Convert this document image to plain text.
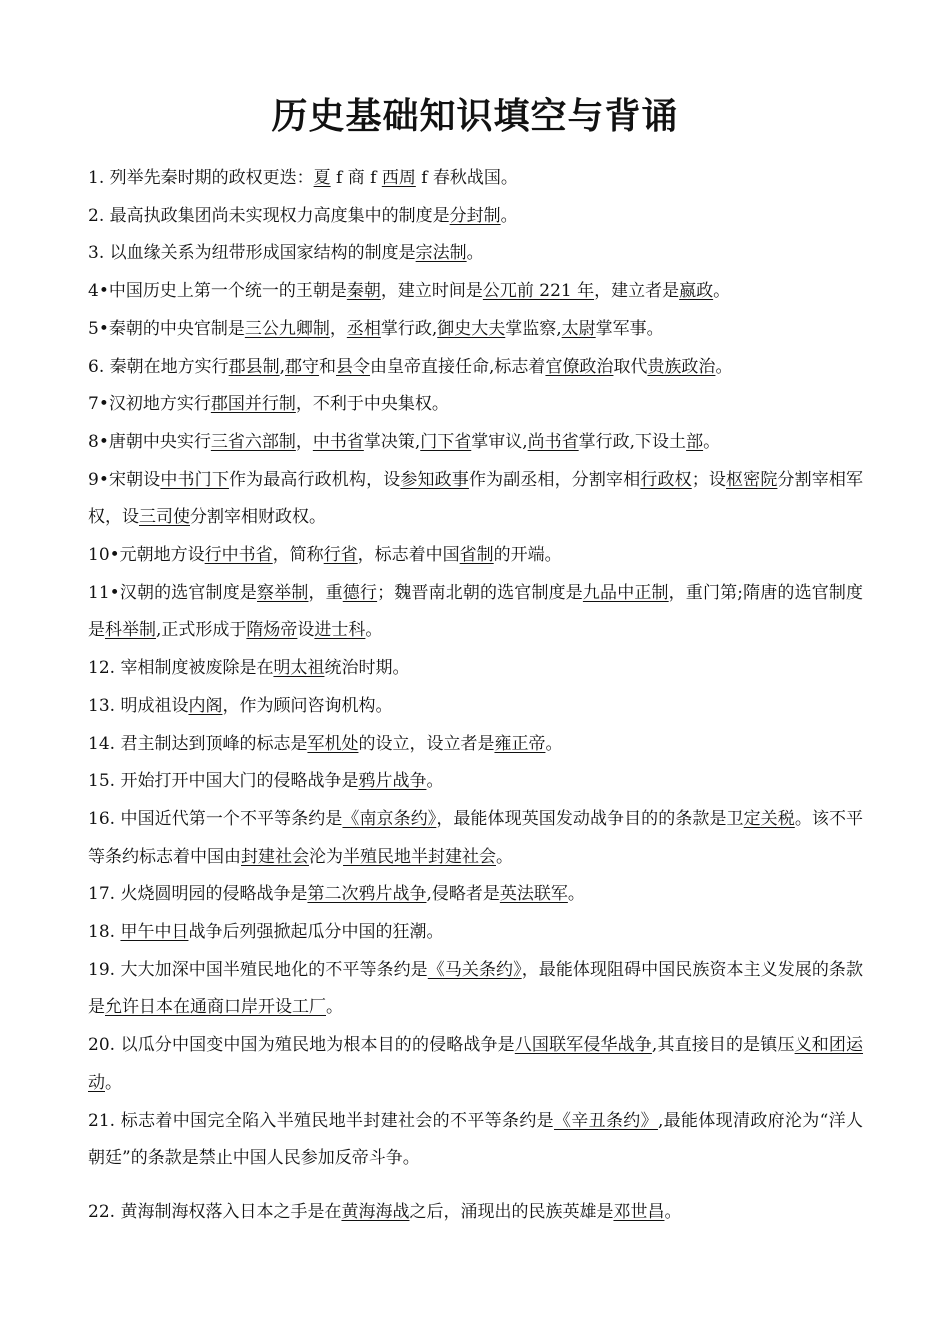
历史基础知识填空与背诵

1. 列举先秦时期的政权更迭：夏 f 商 f 西周 f 春秋战国。

2. 最高执政集团尚未实现权力高度集中的制度是分封制。

3. 以血缘关系为纽带形成国家结构的制度是宗法制。

4•中国历史上第一个统一的王朝是秦朝，建立时间是公兀前 221 年，建立者是嬴政。

5•秦朝的中央官制是三公九卿制，丞相掌行政,御史大夫掌监察,太尉掌军事。

6. 秦朝在地方实行郡县制,郡守和县令由皇帝直接任命,标志着官僚政治取代贵族政治。

7•汉初地方实行郡国并行制，不利于中央集权。

8•唐朝中央实行三省六部制，中书省掌决策,门下省掌审议,尚书省掌行政,下设土部。

9•宋朝设中书门下作为最高行政机构，设参知政事作为副丞相，分割宰相行政权；设枢密院分割宰相军权，设三司使分割宰相财政权。

10•元朝地方设行中书省，简称行省，标志着中国省制的开端。

11•汉朝的选官制度是察举制，重德行；魏晋南北朝的选官制度是九品中正制，重门第;隋唐的选官制度是科举制,正式形成于隋炀帝设进士科。

12. 宰相制度被废除是在明太祖统治时期。

13. 明成祖设内阁，作为顾问咨询机构。

14. 君主制达到顶峰的标志是军机处的设立，设立者是雍正帝。

15. 开始打开中国大门的侵略战争是鸦片战争。

16. 中国近代第一个不平等条约是《南京条约》，最能体现英国发动战争目的的条款是卫定关税。该不平等条约标志着中国由封建社会沦为半殖民地半封建社会。

17. 火烧圆明园的侵略战争是第二次鸦片战争,侵略者是英法联军。

18. 甲午中日战争后列强掀起瓜分中国的狂潮。

19. 大大加深中国半殖民地化的不平等条约是《马关条约》，最能体现阻碍中国民族资本主义发展的条款是允许日本在通商口岸开设工厂。

20. 以瓜分中国变中国为殖民地为根本目的的侵略战争是八国联军侵华战争,其直接目的是镇压义和团运动。

21. 标志着中国完全陷入半殖民地半封建社会的不平等条约是《辛丑条约》,最能体现清政府沦为“洋人朝廷”的条款是禁止中国人民参加反帝斗争。

22. 黄海制海权落入日本之手是在黄海海战之后，涌现出的民族英雄是邓世昌。
